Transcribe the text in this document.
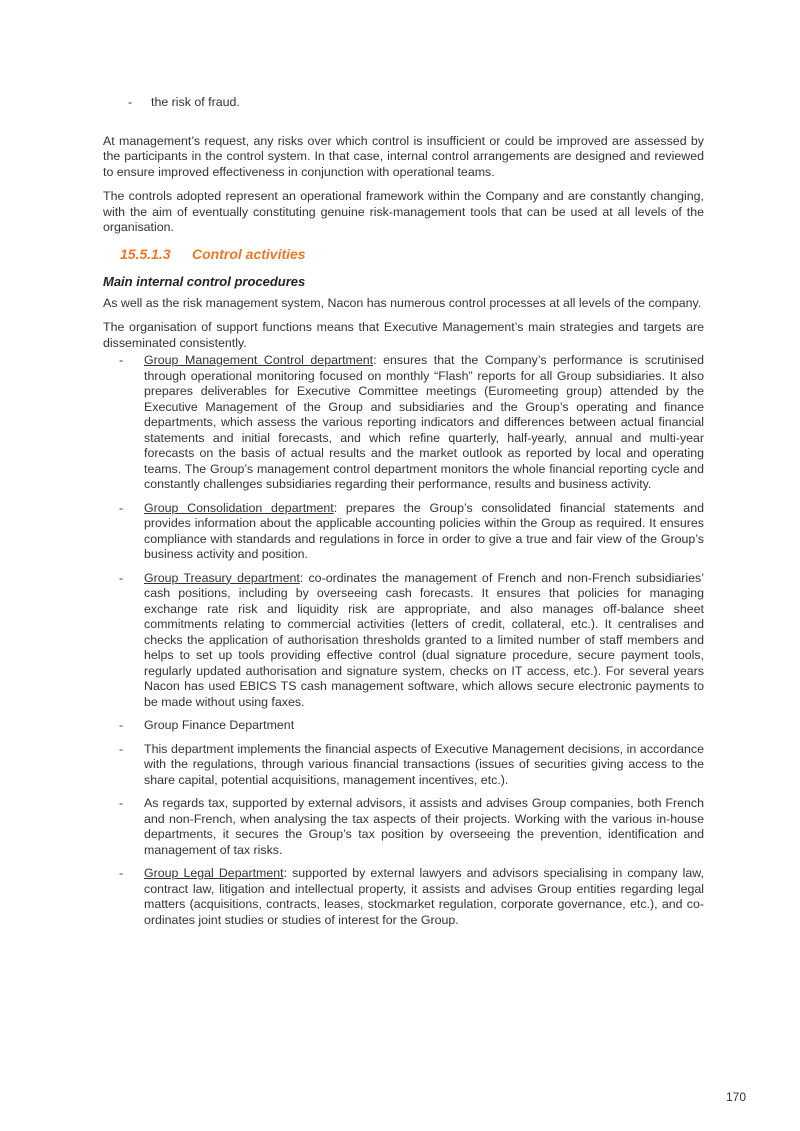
-	the risk of fraud.

At management’s request, any risks over which control is insufficient or could be improved are assessed by the participants in the control system. In that case, internal control arrangements are designed and reviewed to ensure improved effectiveness in conjunction with operational teams.

The controls adopted represent an operational framework within the Company and are constantly changing, with the aim of eventually constituting genuine risk-management tools that can be used at all levels of the organisation.

15.5.1.3 Control activities
Main internal control procedures

As well as the risk management system, Nacon has numerous control processes at all levels of the company.

The organisation of support functions means that Executive Management’s main strategies and targets are disseminated consistently.

-	Group Management Control department: ensures that the Company’s performance is scrutinised through operational monitoring focused on monthly “Flash” reports for all Group subsidiaries. It also prepares deliverables for Executive Committee meetings (Euromeeting group) attended by the Executive Management of the Group and subsidiaries and the Group’s operating and finance departments, which assess the various reporting indicators and differences between actual financial statements and initial forecasts, and which refine quarterly, half-yearly, annual and multi-year forecasts on the basis of actual results and the market outlook as reported by local and operating teams. The Group’s management control department monitors the whole financial reporting cycle and constantly challenges subsidiaries regarding their performance, results and business activity.
-	Group Consolidation department: prepares the Group’s consolidated financial statements and provides information about the applicable accounting policies within the Group as required. It ensures compliance with standards and regulations in force in order to give a true and fair view of the Group’s business activity and position.
-	Group Treasury department: co-ordinates the management of French and non-French subsidiaries’ cash positions, including by overseeing cash forecasts. It ensures that policies for managing exchange rate risk and liquidity risk are appropriate, and also manages off-balance sheet commitments relating to commercial activities (letters of credit, collateral, etc.). It centralises and checks the application of authorisation thresholds granted to a limited number of staff members and helps to set up tools providing effective control (dual signature procedure, secure payment tools, regularly updated authorisation and signature system, checks on IT access, etc.). For several years Nacon has used EBICS TS cash management software, which allows secure electronic payments to be made without using faxes.
-	Group Finance Department
-	This department implements the financial aspects of Executive Management decisions, in accordance with the regulations, through various financial transactions (issues of securities giving access to the share capital, potential acquisitions, management incentives, etc.).
-	As regards tax, supported by external advisors, it assists and advises Group companies, both French and non-French, when analysing the tax aspects of their projects. Working with the various in-house departments, it secures the Group’s tax position by overseeing the prevention, identification and management of tax risks.
-	Group Legal Department: supported by external lawyers and advisors specialising in company law, contract law, litigation and intellectual property, it assists and advises Group entities regarding legal matters (acquisitions, contracts, leases, stockmarket regulation, corporate governance, etc.), and co-ordinates joint studies or studies of interest for the Group.
170
